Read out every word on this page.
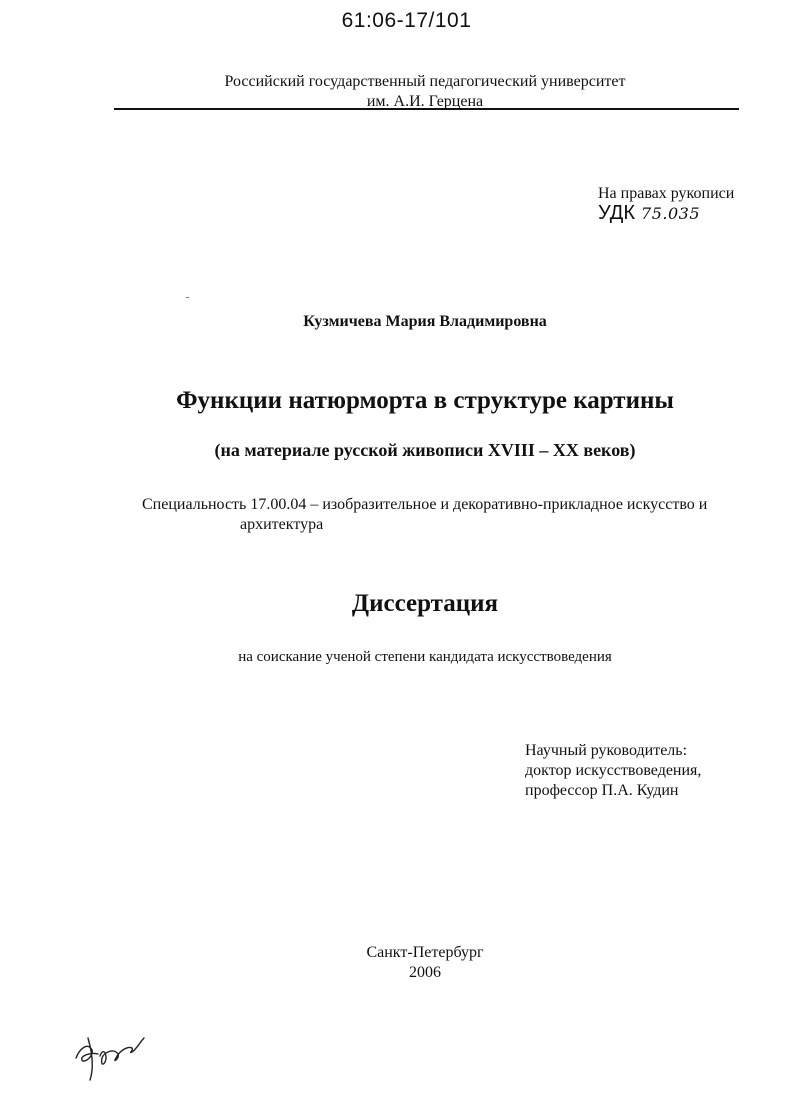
61:06-17/101
Российский государственный педагогический университет
им. А.И. Герцена
На правах рукописи
УДК 75.035
Кузмичева Мария Владимировна
Функции натюрморта в структуре картины
(на материале русской живописи XVIII – XX веков)
Специальность 17.00.04 – изобразительное и декоративно-прикладное искусство и
архитектура
Диссертация
на соискание ученой степени кандидата искусствоведения
Научный руководитель:
доктор искусствоведения,
профессор П.А. Кудин
Санкт-Петербург
2006
